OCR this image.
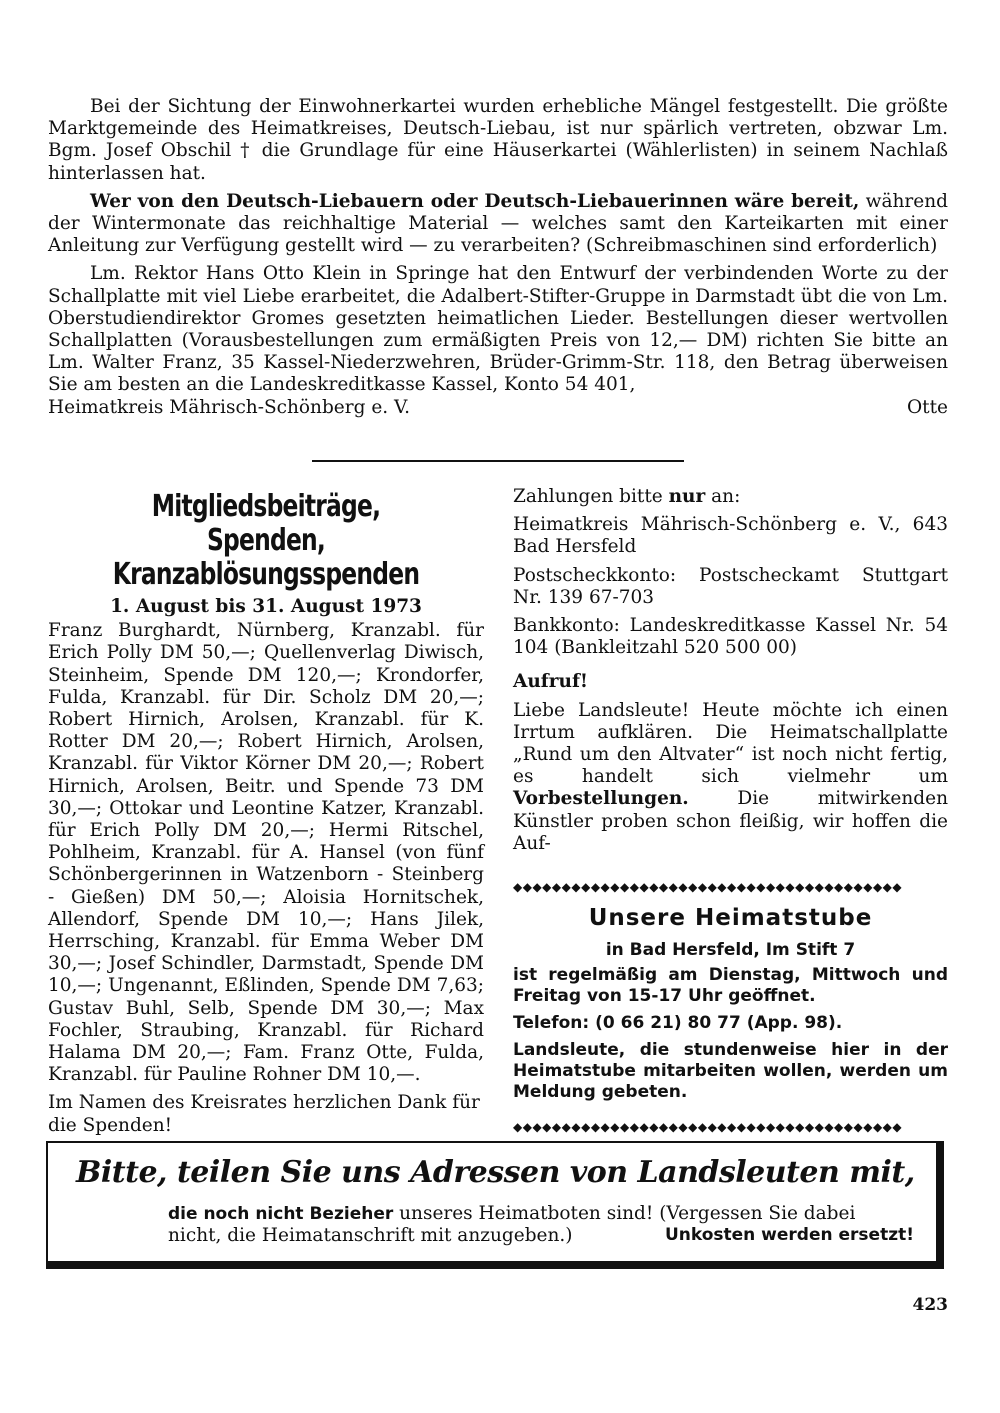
Bei der Sichtung der Einwohnerkartei wurden erhebliche Mängel festgestellt. Die größte Marktgemeinde des Heimatkreises, Deutsch-Liebau, ist nur spärlich vertreten, obzwar Lm. Bgm. Josef Obschil † die Grundlage für eine Häuserkartei (Wählerlisten) in seinem Nachlaß hinterlassen hat.

Wer von den Deutsch-Liebauern oder Deutsch-Liebauerinnen wäre bereit, während der Wintermonate das reichhaltige Material — welches samt den Karteikarten mit einer Anleitung zur Verfügung gestellt wird — zu verarbeiten? (Schreibmaschinen sind erforderlich)

Lm. Rektor Hans Otto Klein in Springe hat den Entwurf der verbindenden Worte zu der Schallplatte mit viel Liebe erarbeitet, die Adalbert-Stifter-Gruppe in Darmstadt übt die von Lm. Oberstudiendirektor Gromes gesetzten heimatlichen Lieder. Bestellungen dieser wertvollen Schallplatten (Vorausbestellungen zum ermäßigten Preis von 12,— DM) richten Sie bitte an Lm. Walter Franz, 35 Kassel-Niederzwehren, Brüder-Grimm-Str. 118, den Betrag überweisen Sie am besten an die Landeskreditkasse Kassel, Konto 54 401,

Heimatkreis Mährisch-Schönberg e. V.	Otte
Mitgliedsbeiträge, Spenden,
Kranzablösungsspenden
1. August bis 31. August 1973

Franz Burghardt, Nürnberg, Kranzabl. für Erich Polly DM 50,—; Quellenverlag Diwisch, Steinheim, Spende DM 120,—; Krondorfer, Fulda, Kranzabl. für Dir. Scholz DM 20,—; Robert Hirnich, Arolsen, Kranzabl. für K. Rotter DM 20,—; Robert Hirnich, Arolsen, Kranzabl. für Viktor Körner DM 20,—; Robert Hirnich, Arolsen, Beitr. und Spende 73 DM 30,—; Ottokar und Leontine Katzer, Kranzabl. für Erich Polly DM 20,—; Hermi Ritschel, Pohlheim, Kranzabl. für A. Hansel (von fünf Schönbergerinnen in Watzenborn - Steinberg - Gießen) DM 50,—; Aloisia Hornitschek, Allendorf, Spende DM 10,—; Hans Jilek, Herrsching, Kranzabl. für Emma Weber DM 30,—; Josef Schindler, Darmstadt, Spende DM 10,—; Ungenannt, Eßlinden, Spende DM 7,63; Gustav Buhl, Selb, Spende DM 30,—; Max Fochler, Straubing, Kranzabl. für Richard Halama DM 20,—; Fam. Franz Otte, Fulda, Kranzabl. für Pauline Rohner DM 10,—.

Im Namen des Kreisrates herzlichen Dank für die Spenden!

Zahlungen bitte nur an:

Heimatkreis Mährisch-Schönberg e. V., 643 Bad Hersfeld

Postscheckkonto: Postscheckamt Stuttgart Nr. 139 67-703

Bankkonto: Landeskreditkasse Kassel Nr. 54 104 (Bankleitzahl 520 500 00)

Aufruf!

Liebe Landsleute! Heute möchte ich einen Irrtum aufklären. Die Heimatschallplatte „Rund um den Altvater“ ist noch nicht fertig, es handelt sich vielmehr um Vorbestellungen. Die mitwirkenden Künstler proben schon fleißig, wir hoffen die Auf-

◆◆◆◆◆◆◆◆◆◆◆◆◆◆◆◆◆◆◆◆◆◆◆◆◆◆◆◆◆◆◆◆◆◆◆◆◆◆◆◆
Unsere Heimatstube
in Bad Hersfeld, Im Stift 7

ist regelmäßig am Dienstag, Mittwoch und Freitag von 15-17 Uhr geöffnet.

Telefon: (0 66 21) 80 77 (App. 98).

Landsleute, die stundenweise hier in der Heimatstube mitarbeiten wollen, werden um Meldung gebeten.

◆◆◆◆◆◆◆◆◆◆◆◆◆◆◆◆◆◆◆◆◆◆◆◆◆◆◆◆◆◆◆◆◆◆◆◆◆◆◆◆
Bitte, teilen Sie uns Adressen von Landsleuten mit,
die noch nicht Bezieher unseres Heimatboten sind! (Vergessen Sie dabei
nicht, die Heimatanschrift mit anzugeben.)	Unkosten werden ersetzt!
423
